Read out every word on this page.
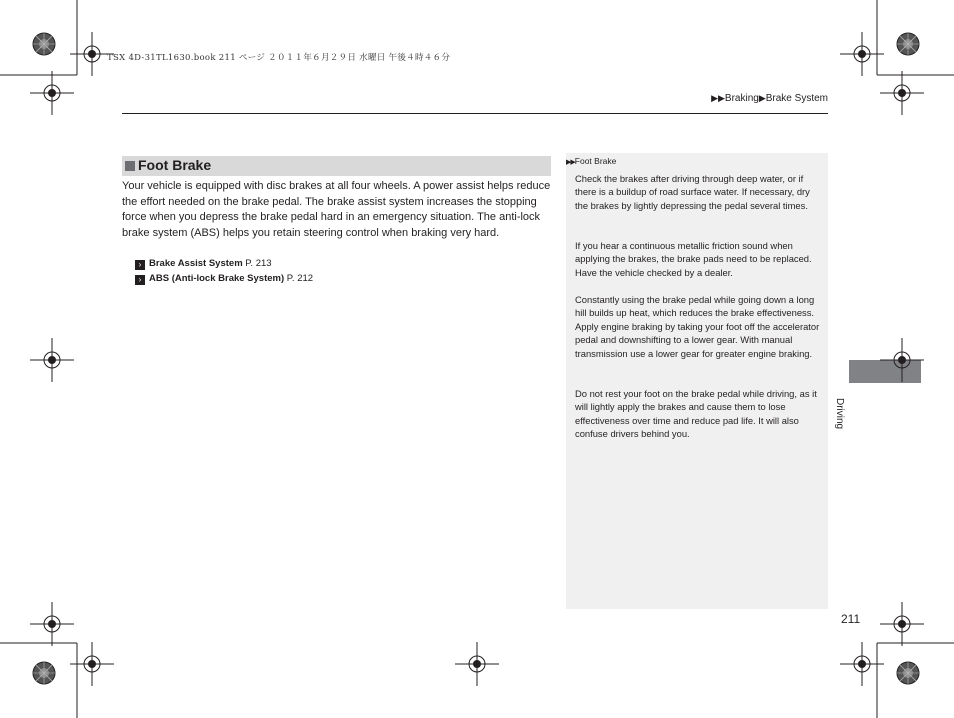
TSX 4D-31TL1630.book 211 ページ ２０１１年６月２９日 水曜日 午後４時４６分
▶▶Braking▶Brake System
Foot Brake
Your vehicle is equipped with disc brakes at all four wheels. A power assist helps reduce the effort needed on the brake pedal. The brake assist system increases the stopping force when you depress the brake pedal hard in an emergency situation. The anti-lock brake system (ABS) helps you retain steering control when braking very hard.
› Brake Assist System P. 213
› ABS (Anti-lock Brake System) P. 212
▶▶Foot Brake
Check the brakes after driving through deep water, or if there is a buildup of road surface water. If necessary, dry the brakes by lightly depressing the pedal several times.
If you hear a continuous metallic friction sound when applying the brakes, the brake pads need to be replaced. Have the vehicle checked by a dealer.
Constantly using the brake pedal while going down a long hill builds up heat, which reduces the brake effectiveness. Apply engine braking by taking your foot off the accelerator pedal and downshifting to a lower gear. With manual transmission use a lower gear for greater engine braking.
Do not rest your foot on the brake pedal while driving, as it will lightly apply the brakes and cause them to lose effectiveness over time and reduce pad life. It will also confuse drivers behind you.
Driving
211
